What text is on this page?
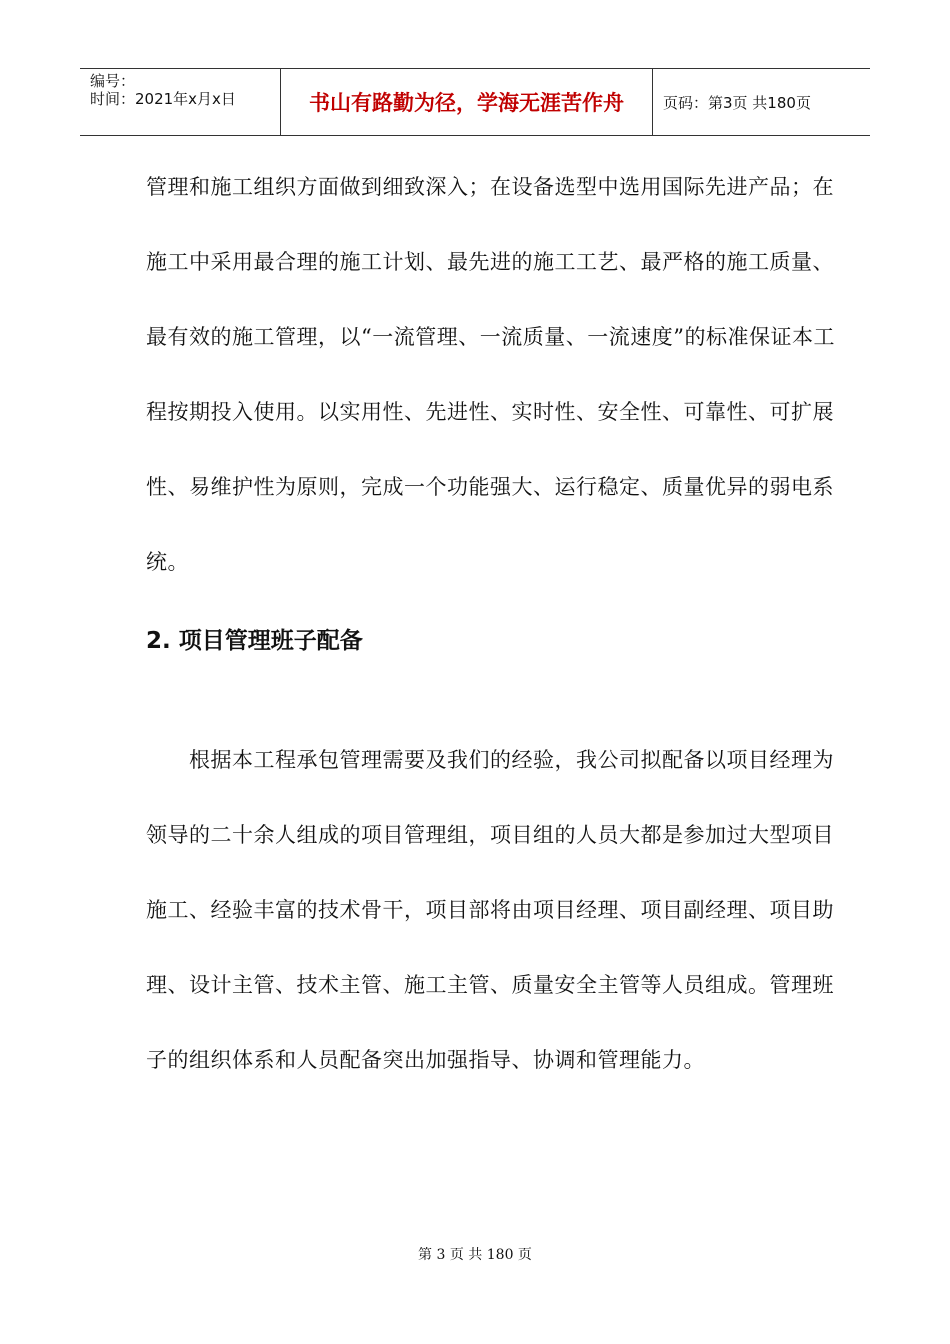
编号：
时间：2021年x月x日	书山有路勤为径，学海无涯苦作舟	页码：第3页 共180页

管理和施工组织方面做到细致深入；在设备选型中选用国际先进产品；在施工中采用最合理的施工计划、最先进的施工工艺、最严格的施工质量、最有效的施工管理，以“一流管理、一流质量、一流速度”的标准保证本工程按期投入使用。以实用性、先进性、实时性、安全性、可靠性、可扩展性、易维护性为原则，完成一个功能强大、运行稳定、质量优异的弱电系统。

2. 项目管理班子配备

根据本工程承包管理需要及我们的经验，我公司拟配备以项目经理为领导的二十余人组成的项目管理组，项目组的人员大都是参加过大型项目施工、经验丰富的技术骨干，项目部将由项目经理、项目副经理、项目助理、设计主管、技术主管、施工主管、质量安全主管等人员组成。管理班子的组织体系和人员配备突出加强指导、协调和管理能力。

第 3 页 共 180 页
